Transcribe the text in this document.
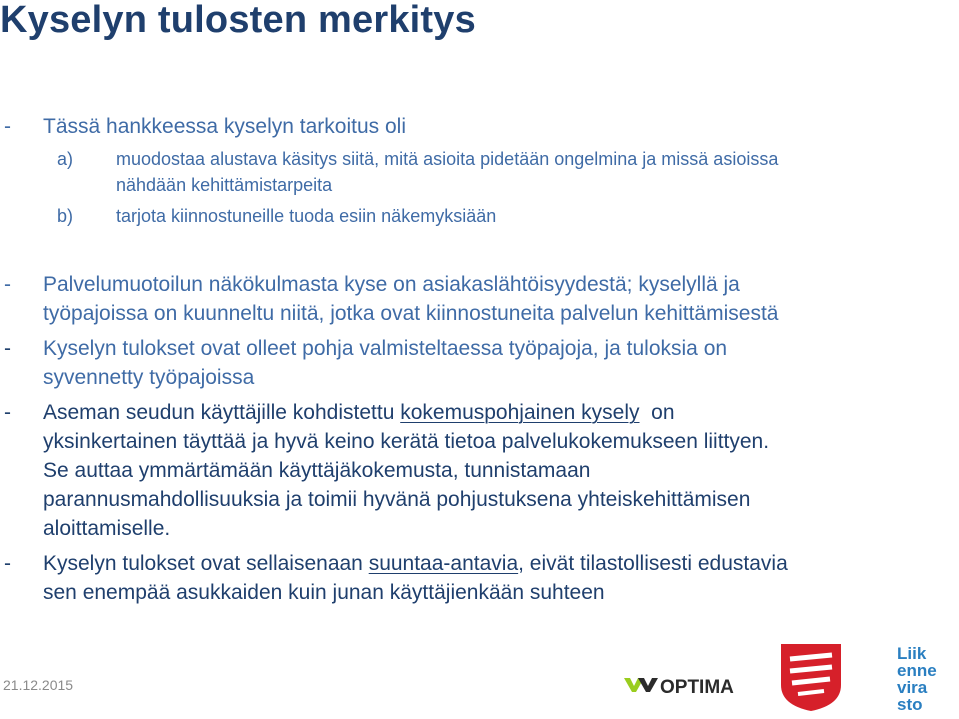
Kyselyn tulosten merkitys
- Tässä hankkeessa kyselyn tarkoitus oli
a) muodostaa alustava käsitys siitä, mitä asioita pidetään ongelmina ja missä asioissa
nähdään kehittämistarpeita
b) tarjota kiinnostuneille tuoda esiin näkemyksiään
- Palvelumuotoilun näkökulmasta kyse on asiakaslähtöisyydestä; kyselyllä ja
työpajoissa on kuunneltu niitä, jotka ovat kiinnostuneita palvelun kehittämisestä
- Kyselyn tulokset ovat olleet pohja valmisteltaessa työpajoja, ja tuloksia on
syvennetty työpajoissa
- Aseman seudun käyttäjille kohdistettu kokemuspohjainen kysely  on
yksinkertainen täyttää ja hyvä keino kerätä tietoa palvelukokemukseen liittyen.
Se auttaa ymmärtämään käyttäjäkokemusta, tunnistamaan
parannusmahdollisuuksia ja toimii hyvänä pohjustuksena yhteiskehittämisen
aloittamiselle.
- Kyselyn tulokset ovat sellaisenaan suuntaa-antavia, eivät tilastollisesti edustavia
sen enempää asukkaiden kuin junan käyttäjienkään suhteen
21.12.2015	OPTIMA
Liik
enne
vira
sto
